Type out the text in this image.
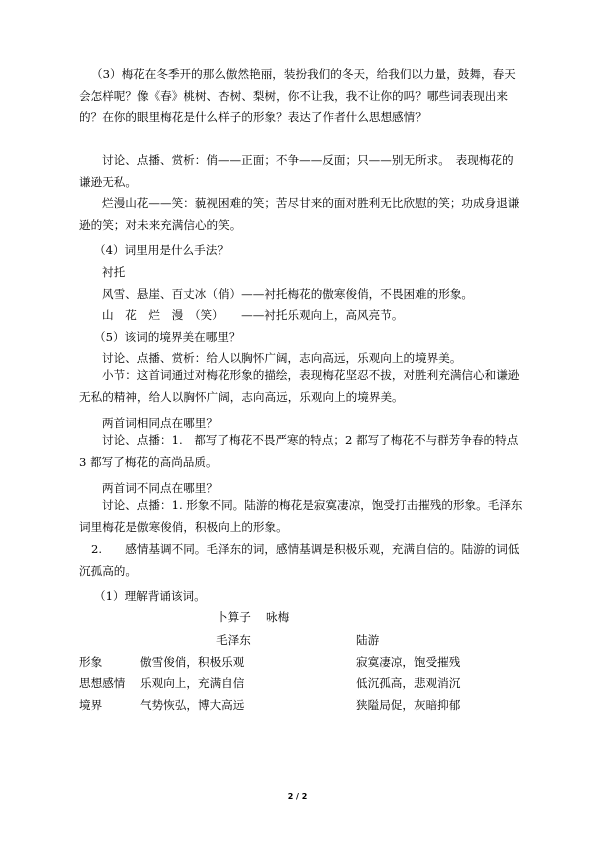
（3）梅花在冬季开的那么傲然艳丽，装扮我们的冬天，给我们以力量，鼓舞，春天会怎样呢？像《春》桃树、杏树、梨树，你不让我，我不让你的吗？哪些词表现出来的？在你的眼里梅花是什么样子的形象？表达了作者什么思想感情？

讨论、点播、赏析：俏——正面；不争——反面；只——别无所求。　表现梅花的谦逊无私。

烂漫山花——笑：藐视困难的笑；苦尽甘来的面对胜利无比欣慰的笑；功成身退谦逊的笑；对未来充满信心的笑。

（4）词里用是什么手法？

衬托

风雪、悬崖、百丈冰（俏）——衬托梅花的傲寒俊俏，不畏困难的形象。

山　花　烂　漫　（笑）　　——衬托乐观向上，高风亮节。

（5）该词的境界美在哪里？

讨论、点播、赏析：给人以胸怀广阔，志向高远，乐观向上的境界美。

小节：这首词通过对梅花形象的描绘，表现梅花坚忍不拔，对胜利充满信心和谦逊无私的精神，给人以胸怀广阔，志向高远，乐观向上的境界美。

两首词相同点在哪里？

讨论、点播：1.　都写了梅花不畏严寒的特点；2 都写了梅花不与群芳争春的特点 3 都写了梅花的高尚品质。

两首词不同点在哪里？

讨论、点播：1. 形象不同。陆游的梅花是寂寞凄凉，饱受打击摧残的形象。毛泽东词里梅花是傲寒俊俏，积极向上的形象。

2.　　感情基调不同。毛泽东的词，感情基调是积极乐观，充满自信的。陆游的词低沉孤高的。

（1）理解背诵该词。

卜算子　 咏梅
毛泽东	陆游
形象	傲雪俊俏，积极乐观	寂寞凄凉，饱受摧残
思想感情 乐观向上，充满自信	低沉孤高，悲观消沉
境界	气势恢弘，博大高远	狭隘局促，灰暗抑郁
2 / 2
